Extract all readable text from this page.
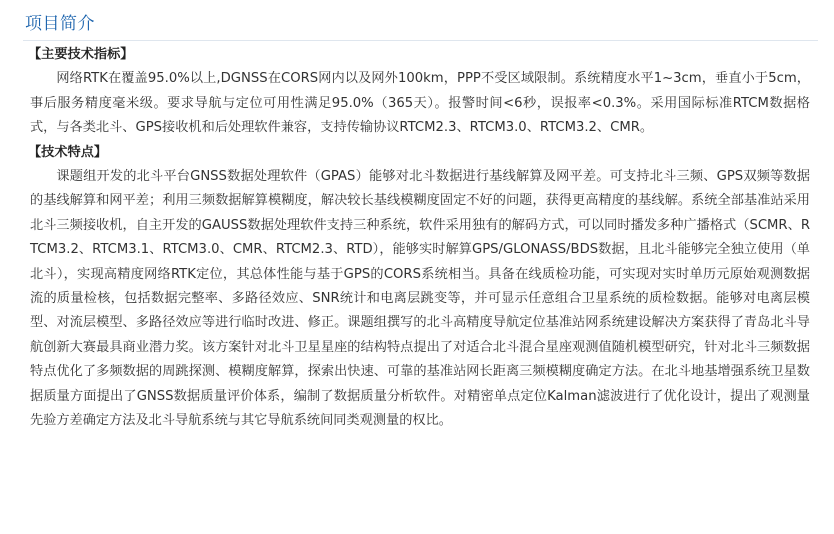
项目简介

【主要技术指标】

网络RTK在覆盖95.0%以上,DGNSS在CORS网内以及网外100km，PPP不受区域限制。系统精度水平1~3cm，垂直小于5cm，事后服务精度毫米级。要求导航与定位可用性满足95.0%（365天）。报警时间<6秒，误报率<0.3%。采用国际标准RTCM数据格式，与各类北斗、GPS接收机和后处理软件兼容，支持传输协议RTCM2.3、RTCM3.0、RTCM3.2、CMR。

【技术特点】

课题组开发的北斗平台GNSS数据处理软件（GPAS）能够对北斗数据进行基线解算及网平差。可支持北斗三频、GPS双频等数据的基线解算和网平差；利用三频数据解算模糊度，解决较长基线模糊度固定不好的问题，获得更高精度的基线解。系统全部基准站采用北斗三频接收机，自主开发的GAUSS数据处理软件支持三种系统，软件采用独有的解码方式，可以同时播发多种广播格式（SCMR、RTCM3.2、RTCM3.1、RTCM3.0、CMR、RTCM2.3、RTD），能够实时解算GPS/GLONASS/BDS数据，且北斗能够完全独立使用（单北斗），实现高精度网络RTK定位，其总体性能与基于GPS的CORS系统相当。具备在线质检功能，可实现对实时单历元原始观测数据流的质量检核，包括数据完整率、多路径效应、SNR统计和电离层跳变等，并可显示任意组合卫星系统的质检数据。能够对电离层模型、对流层模型、多路径效应等进行临时改进、修正。课题组撰写的北斗高精度导航定位基准站网系统建设解决方案获得了青岛北斗导航创新大赛最具商业潜力奖。该方案针对北斗卫星星座的结构特点提出了对适合北斗混合星座观测值随机模型研究，针对北斗三频数据特点优化了多频数据的周跳探测、模糊度解算，探索出快速、可靠的基准站网长距离三频模糊度确定方法。在北斗地基增强系统卫星数据质量方面提出了GNSS数据质量评价体系，编制了数据质量分析软件。对精密单点定位Kalman滤波进行了优化设计，提出了观测量先验方差确定方法及北斗导航系统与其它导航系统间同类观测量的权比。
